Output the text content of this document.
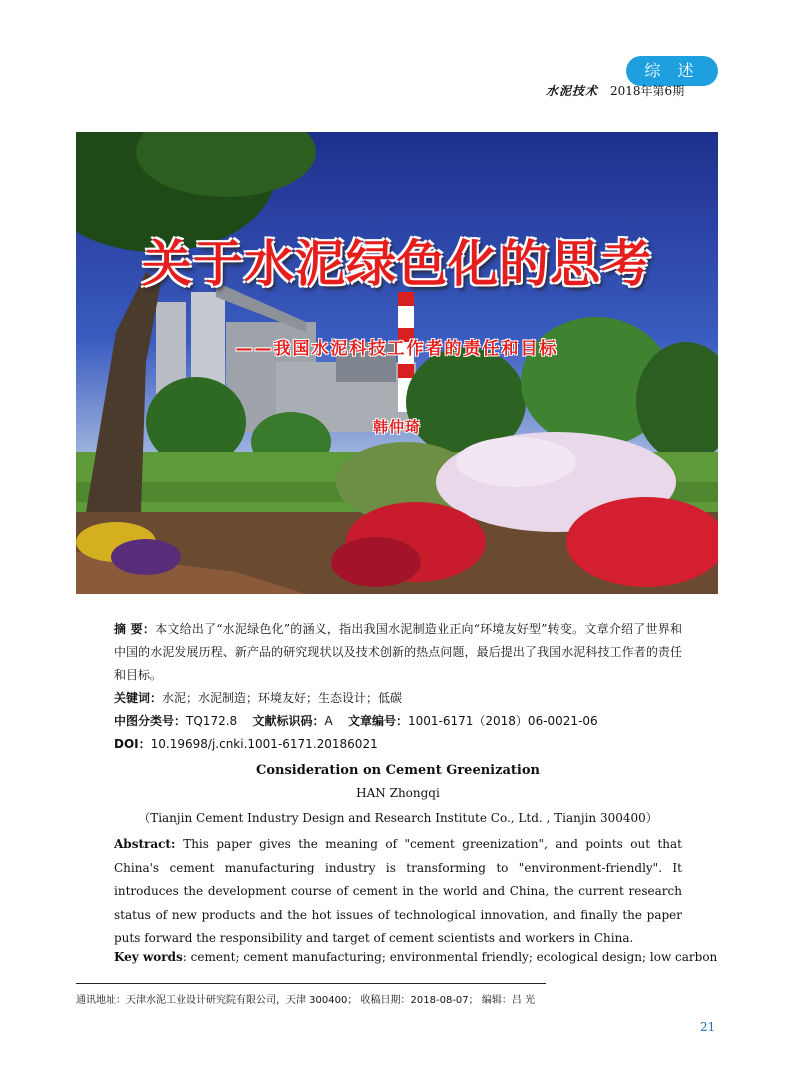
综 述
水泥技术 2018年第6期
关于水泥绿色化的思考
——我国水泥科技工作者的责任和目标
韩仲琦
摘 要：本文给出了“水泥绿色化”的涵义，指出我国水泥制造业正向“环境友好型”转变。文章介绍了世界和中国的水泥发展历程、新产品的研究现状以及技术创新的热点问题，最后提出了我国水泥科技工作者的责任和目标。
关键词：水泥；水泥制造；环境友好；生态设计；低碳
中图分类号：TQ172.8 文献标识码：A 文章编号：1001-6171（2018）06-0021-06
DOI：10.19698/j.cnki.1001-6171.20186021
Consideration on Cement Greenization
HAN Zhongqi
（Tianjin Cement Industry Design and Research Institute Co., Ltd. , Tianjin 300400）
Abstract: This paper gives the meaning of "cement greenization", and points out that China's cement manufacturing industry is transforming to "environment-friendly". It introduces the development course of cement in the world and China, the current research status of new products and the hot issues of technological innovation, and finally the paper puts forward the responsibility and target of cement scientists and workers in China.
Key words: cement; cement manufacturing; environmental friendly; ecological design; low carbon
通讯地址：天津水泥工业设计研究院有限公司，天津 300400； 收稿日期：2018-08-07； 编辑：吕 光
21
